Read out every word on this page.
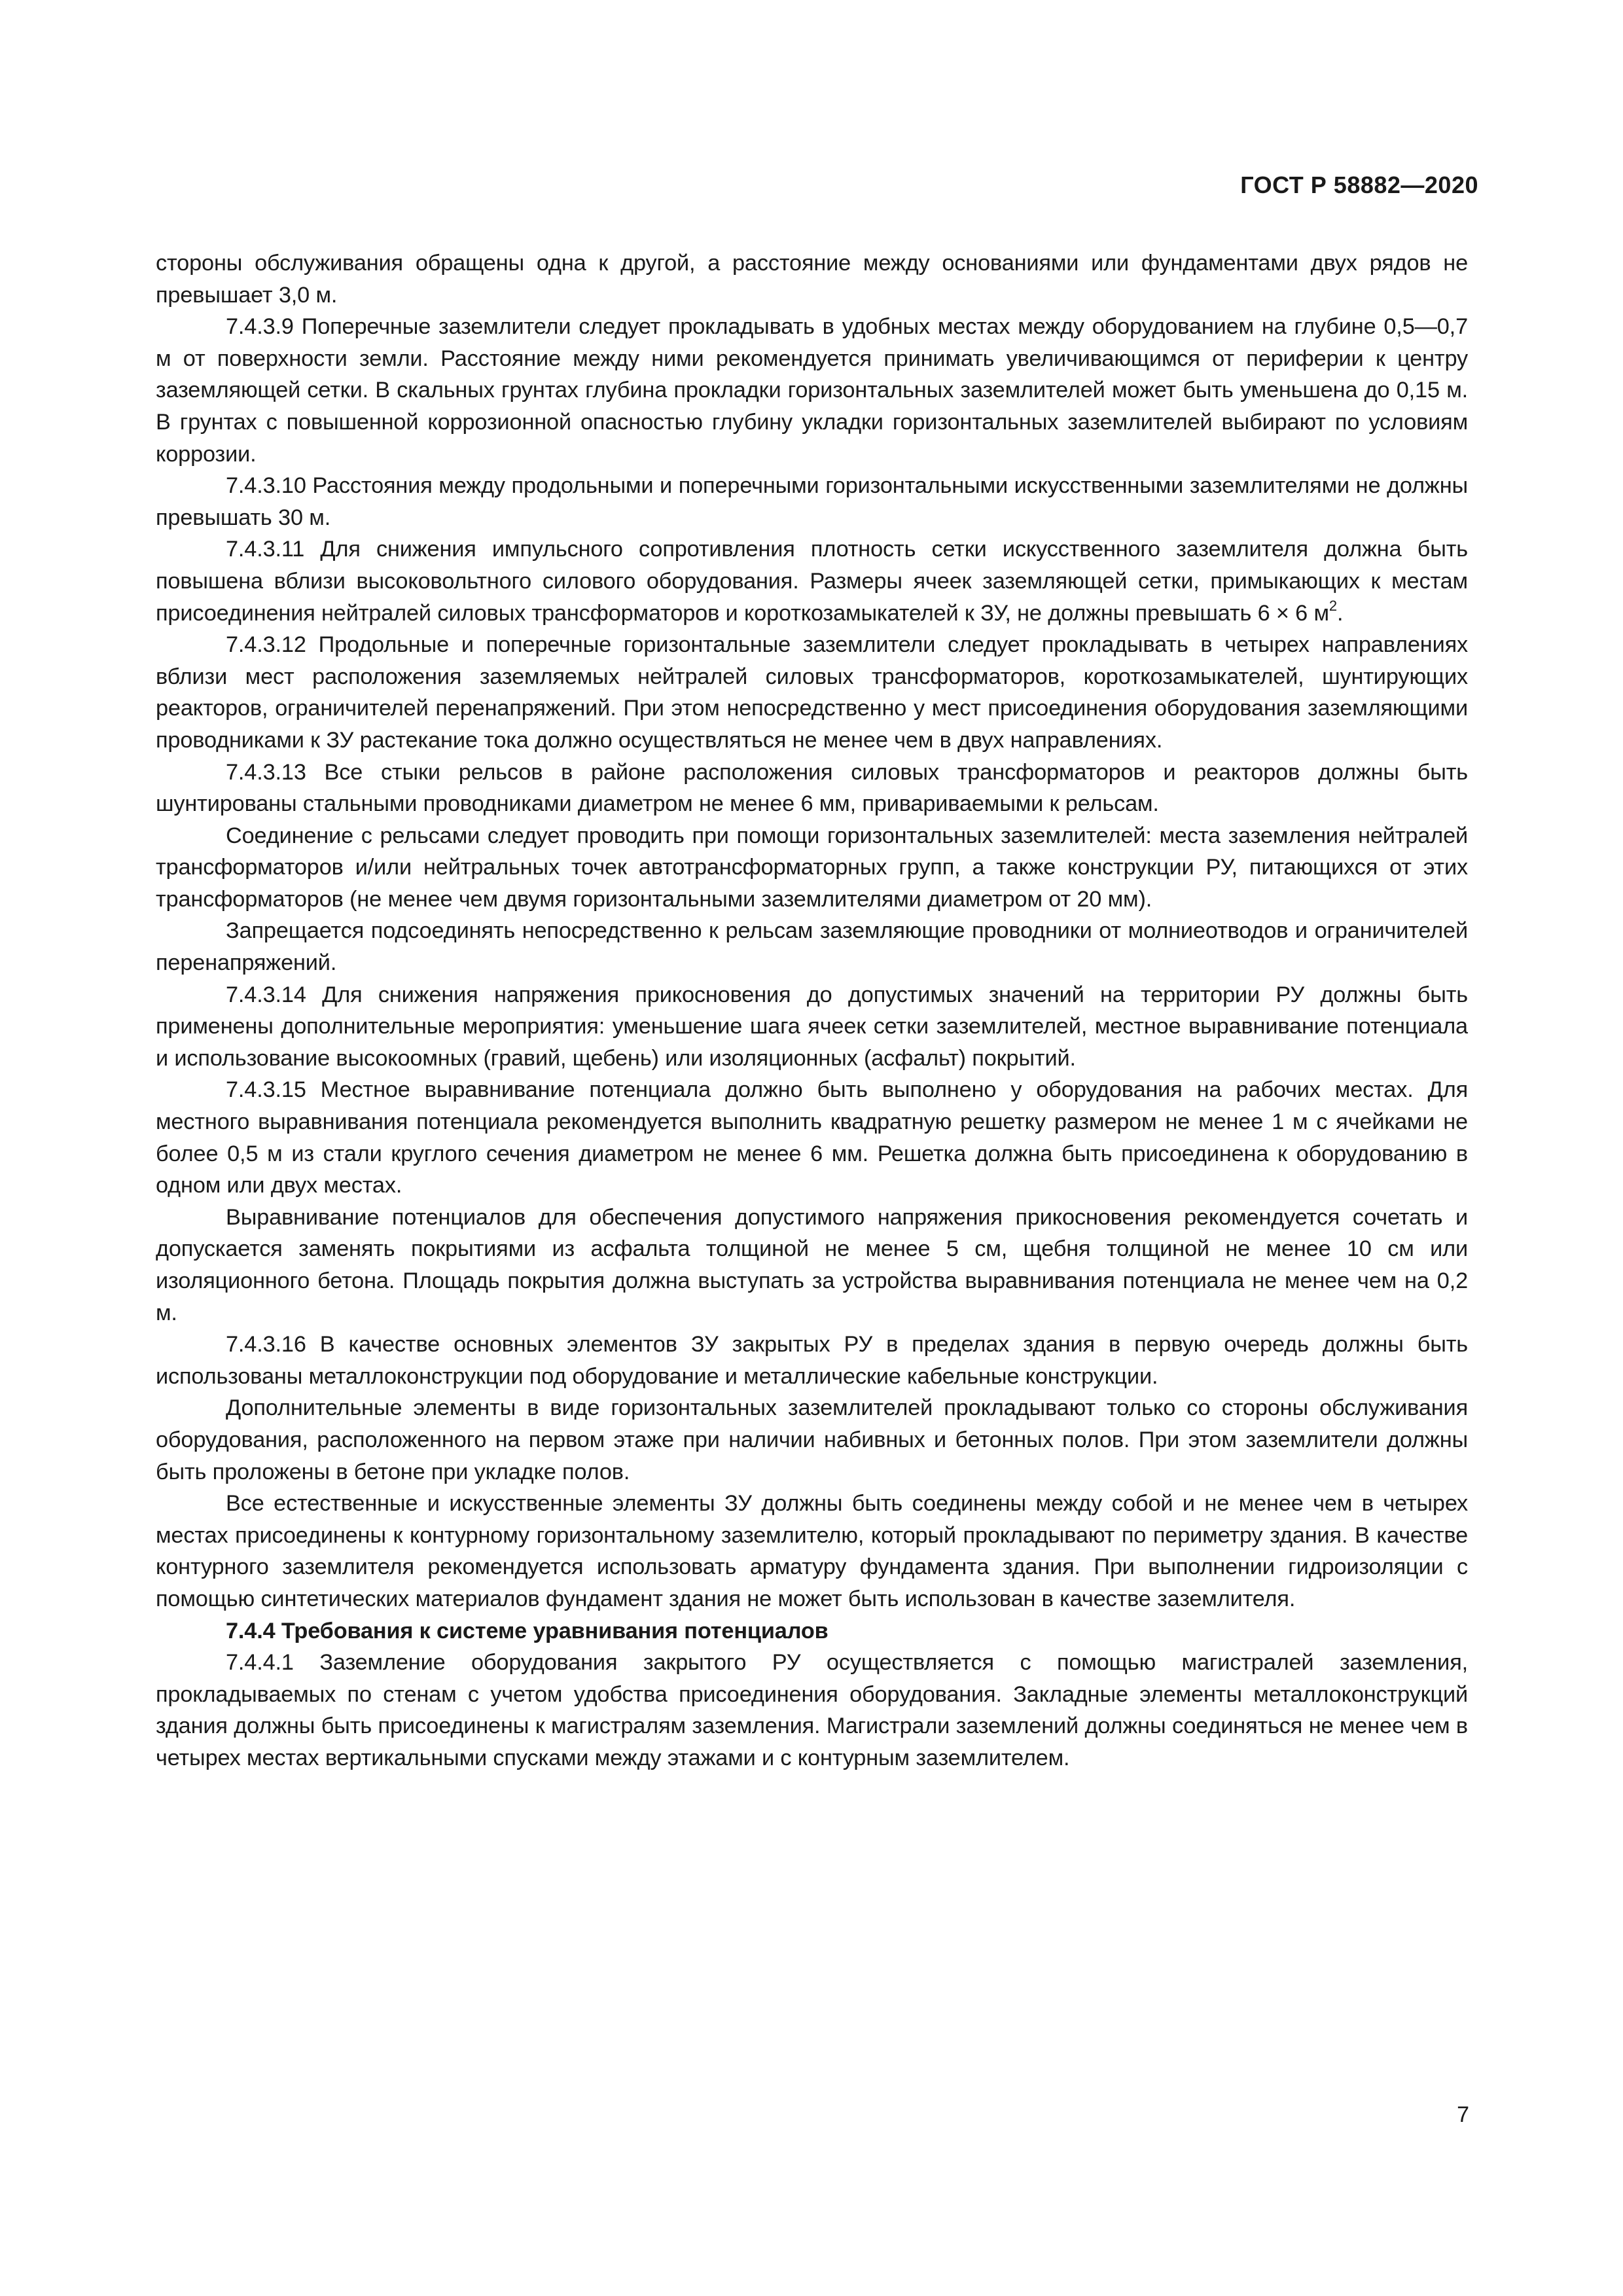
ГОСТ Р 58882—2020

стороны обслуживания обращены одна к другой, а расстояние между основаниями или фундаментами двух рядов не превышает 3,0 м.

7.4.3.9 Поперечные заземлители следует прокладывать в удобных местах между оборудованием на глубине 0,5—0,7 м от поверхности земли. Расстояние между ними рекомендуется принимать увеличивающимся от периферии к центру заземляющей сетки. В скальных грунтах глубина прокладки горизонтальных заземлителей может быть уменьшена до 0,15 м. В грунтах с повышенной коррозионной опасностью глубину укладки горизонтальных заземлителей выбирают по условиям коррозии.

7.4.3.10 Расстояния между продольными и поперечными горизонтальными искусственными заземлителями не должны превышать 30 м.

7.4.3.11 Для снижения импульсного сопротивления плотность сетки искусственного заземлителя должна быть повышена вблизи высоковольтного силового оборудования. Размеры ячеек заземляющей сетки, примыкающих к местам присоединения нейтралей силовых трансформаторов и короткозамыкателей к ЗУ, не должны превышать 6 × 6 $м^2$.

7.4.3.12 Продольные и поперечные горизонтальные заземлители следует прокладывать в четырех направлениях вблизи мест расположения заземляемых нейтралей силовых трансформаторов, короткозамыкателей, шунтирующих реакторов, ограничителей перенапряжений. При этом непосредственно у мест присоединения оборудования заземляющими проводниками к ЗУ растекание тока должно осуществляться не менее чем в двух направлениях.

7.4.3.13 Все стыки рельсов в районе расположения силовых трансформаторов и реакторов должны быть шунтированы стальными проводниками диаметром не менее 6 мм, привариваемыми к рельсам.

Соединение с рельсами следует проводить при помощи горизонтальных заземлителей: места заземления нейтралей трансформаторов и/или нейтральных точек автотрансформаторных групп, а также конструкции РУ, питающихся от этих трансформаторов (не менее чем двумя горизонтальными заземлителями диаметром от 20 мм).

Запрещается подсоединять непосредственно к рельсам заземляющие проводники от молниеотводов и ограничителей перенапряжений.

7.4.3.14 Для снижения напряжения прикосновения до допустимых значений на территории РУ должны быть применены дополнительные мероприятия: уменьшение шага ячеек сетки заземлителей, местное выравнивание потенциала и использование высокоомных (гравий, щебень) или изоляционных (асфальт) покрытий.

7.4.3.15 Местное выравнивание потенциала должно быть выполнено у оборудования на рабочих местах. Для местного выравнивания потенциала рекомендуется выполнить квадратную решетку размером не менее 1 м с ячейками не более 0,5 м из стали круглого сечения диаметром не менее 6 мм. Решетка должна быть присоединена к оборудованию в одном или двух местах.

Выравнивание потенциалов для обеспечения допустимого напряжения прикосновения рекомендуется сочетать и допускается заменять покрытиями из асфальта толщиной не менее 5 см, щебня толщиной не менее 10 см или изоляционного бетона. Площадь покрытия должна выступать за устройства выравнивания потенциала не менее чем на 0,2 м.

7.4.3.16 В качестве основных элементов ЗУ закрытых РУ в пределах здания в первую очередь должны быть использованы металлоконструкции под оборудование и металлические кабельные конструкции.

Дополнительные элементы в виде горизонтальных заземлителей прокладывают только со стороны обслуживания оборудования, расположенного на первом этаже при наличии набивных и бетонных полов. При этом заземлители должны быть проложены в бетоне при укладке полов.

Все естественные и искусственные элементы ЗУ должны быть соединены между собой и не менее чем в четырех местах присоединены к контурному горизонтальному заземлителю, который прокладывают по периметру здания. В качестве контурного заземлителя рекомендуется использовать арматуру фундамента здания. При выполнении гидроизоляции с помощью синтетических материалов фундамент здания не может быть использован в качестве заземлителя.

7.4.4 Требования к системе уравнивания потенциалов

7.4.4.1 Заземление оборудования закрытого РУ осуществляется с помощью магистралей заземления, прокладываемых по стенам с учетом удобства присоединения оборудования. Закладные элементы металлоконструкций здания должны быть присоединены к магистралям заземления. Магистрали заземлений должны соединяться не менее чем в четырех местах вертикальными спусками между этажами и с контурным заземлителем.

7
